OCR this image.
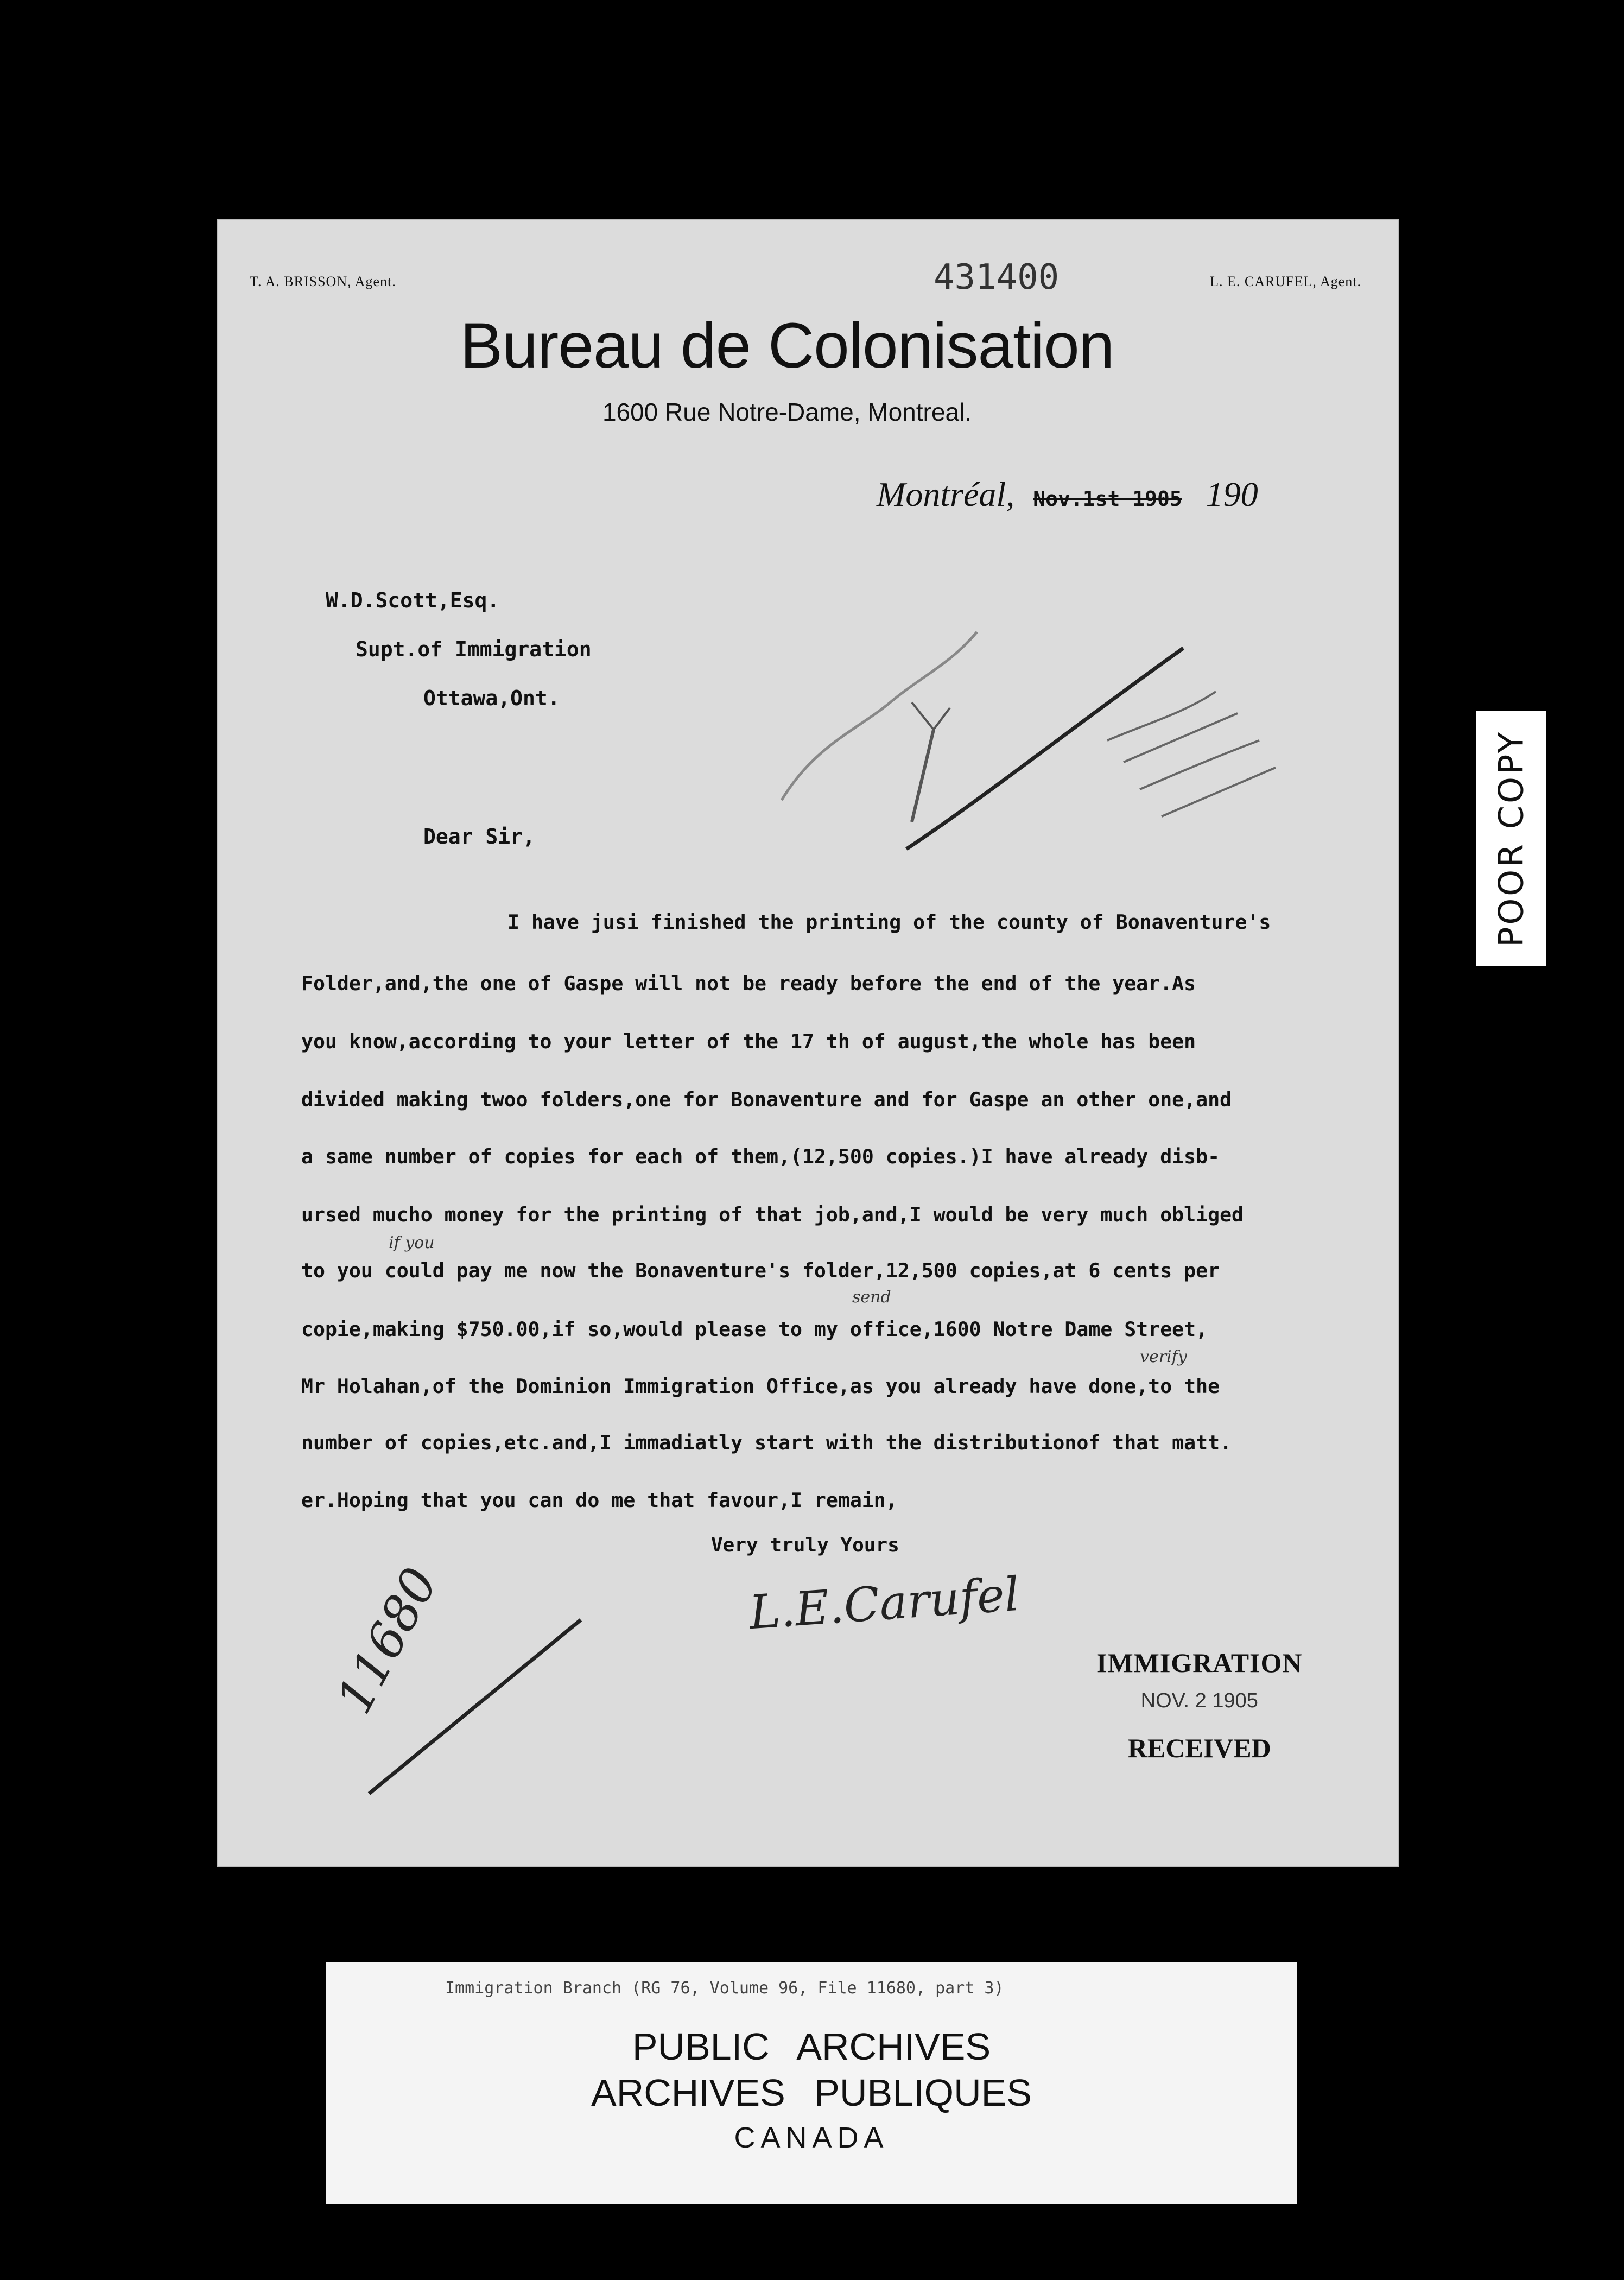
T. A. BRISSON, Agent.	431400	L. E. CARUFEL, Agent.
Bureau de Colonisation
1600 Rue Notre-Dame, Montreal.
Montréal, Nov.1st 1905 190
W.D.Scott,Esq.
Supt.of Immigration
Ottawa,Ont.
Dear Sir,
I have jusi finished the printing of the county of Bonaventure's
Folder,and,the one of Gaspe will not be ready before the end of the year.As
you know,according to your letter of the 17 th of august,the whole has been
divided making twoo folders,one for Bonaventure and for Gaspe an other one,and
a same number of copies for each of them,(12,500 copies.)I have already disb-
ursed mucho money for the printing of that job,and,I would be very much obliged
if you
to you could pay me now the Bonaventure's folder,12,500 copies,at 6 cents per
send
copie,making $750.00,if so,would please to my office,1600 Notre Dame Street,
verify
Mr Holahan,of the Dominion Immigration Office,as you already have done,to the
number of copies,etc.and,I immadiatly start with the distributionof that matt.
er.Hoping that you can do me that favour,I remain,
Very truly Yours
L.E.Carufel
IMMIGRATION
NOV. 2 1905
RECEIVED
11680
POOR COPY
Immigration Branch (RG 76, Volume 96, File 11680, part 3)
PUBLIC ARCHIVES
ARCHIVES PUBLIQUES
CANADA
